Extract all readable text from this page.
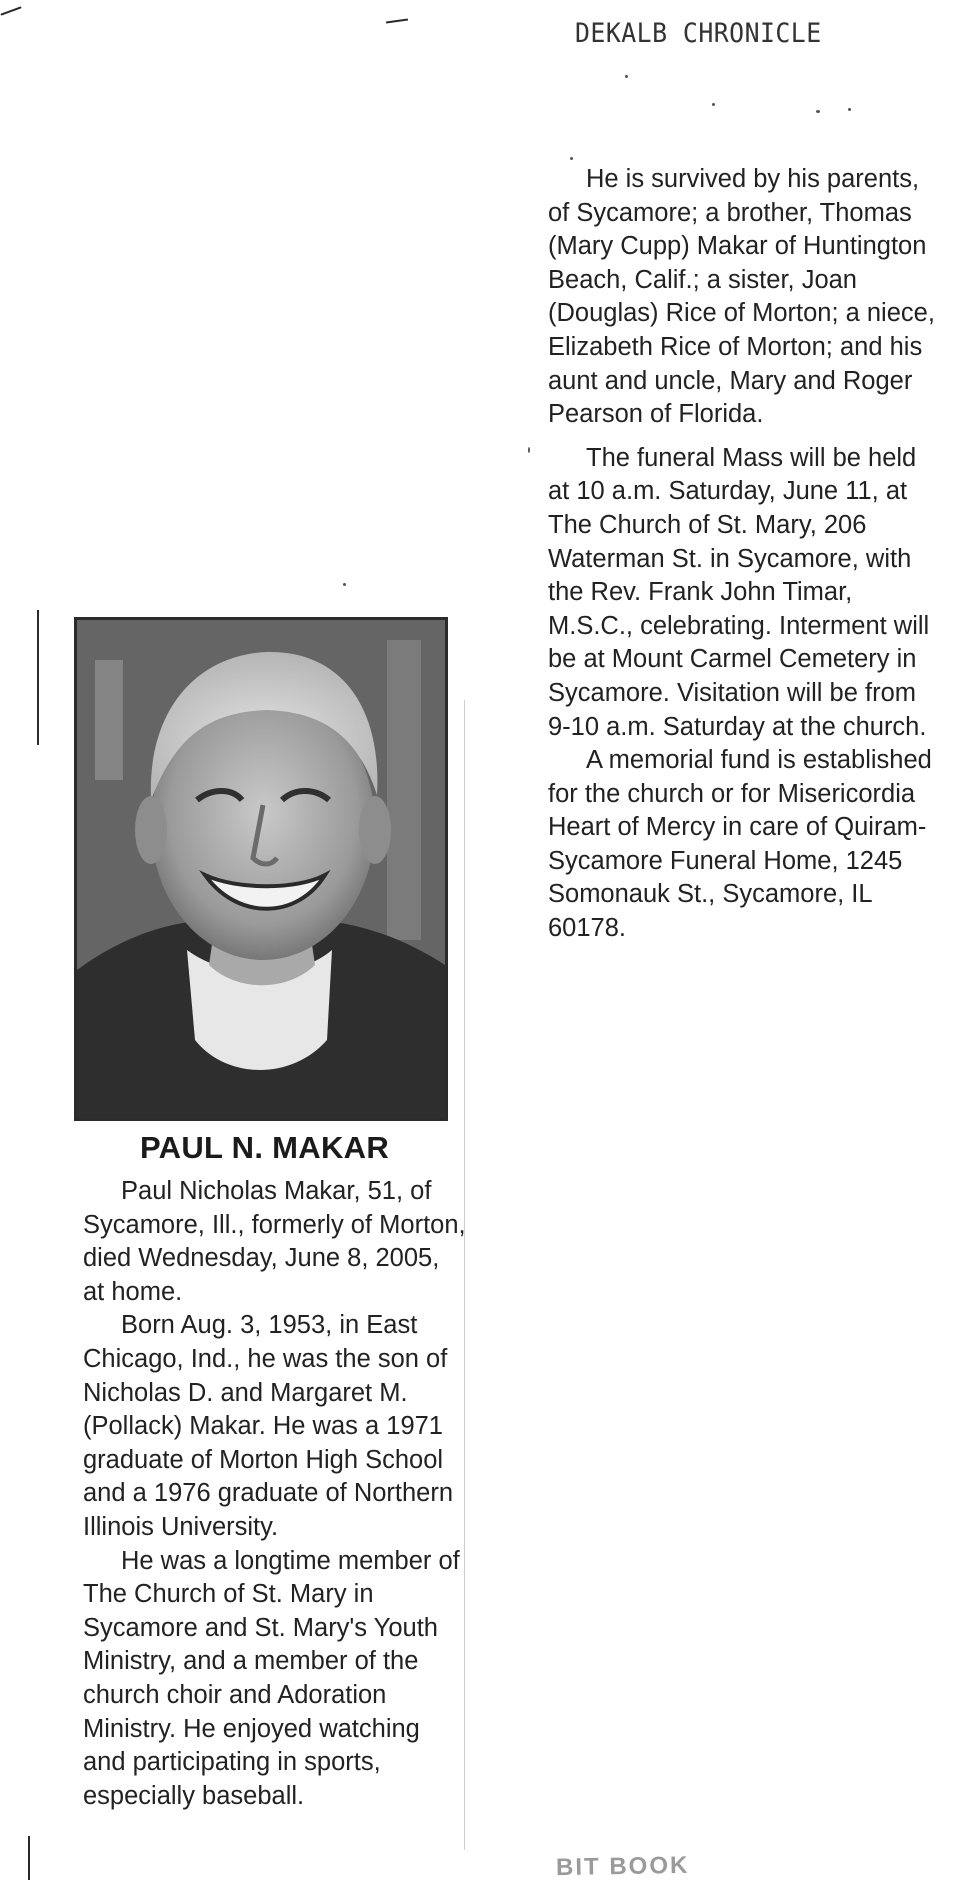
DEKALB CHRONICLE

He is survived by his parents, of Sycamore; a brother, Thomas (Mary Cupp) Makar of Huntington Beach, Calif.; a sister, Joan (Douglas) Rice of Morton; a niece, Elizabeth Rice of Morton; and his aunt and uncle, Mary and Roger Pearson of Florida.

The funeral Mass will be held at 10 a.m. Saturday, June 11, at The Church of St. Mary, 206 Waterman St. in Sycamore, with the Rev. Frank John Timar, M.S.C., celebrating. Interment will be at Mount Carmel Cemetery in Sycamore. Visitation will be from 9-10 a.m. Saturday at the church.

A memorial fund is established for the church or for Misericordia Heart of Mercy in care of Quiram-Sycamore Funeral Home, 1245 Somonauk St., Sycamore, IL 60178.

PAUL N. MAKAR

Paul Nicholas Makar, 51, of Sycamore, Ill., formerly of Morton, died Wednesday, June 8, 2005, at home.

Born Aug. 3, 1953, in East Chicago, Ind., he was the son of Nicholas D. and Margaret M. (Pollack) Makar. He was a 1971 graduate of Morton High School and a 1976 graduate of Northern Illinois University.

He was a longtime member of The Church of St. Mary in Sycamore and St. Mary's Youth Ministry, and a member of the church choir and Adoration Ministry. He enjoyed watching and participating in sports, especially baseball.

BIT BOOK
